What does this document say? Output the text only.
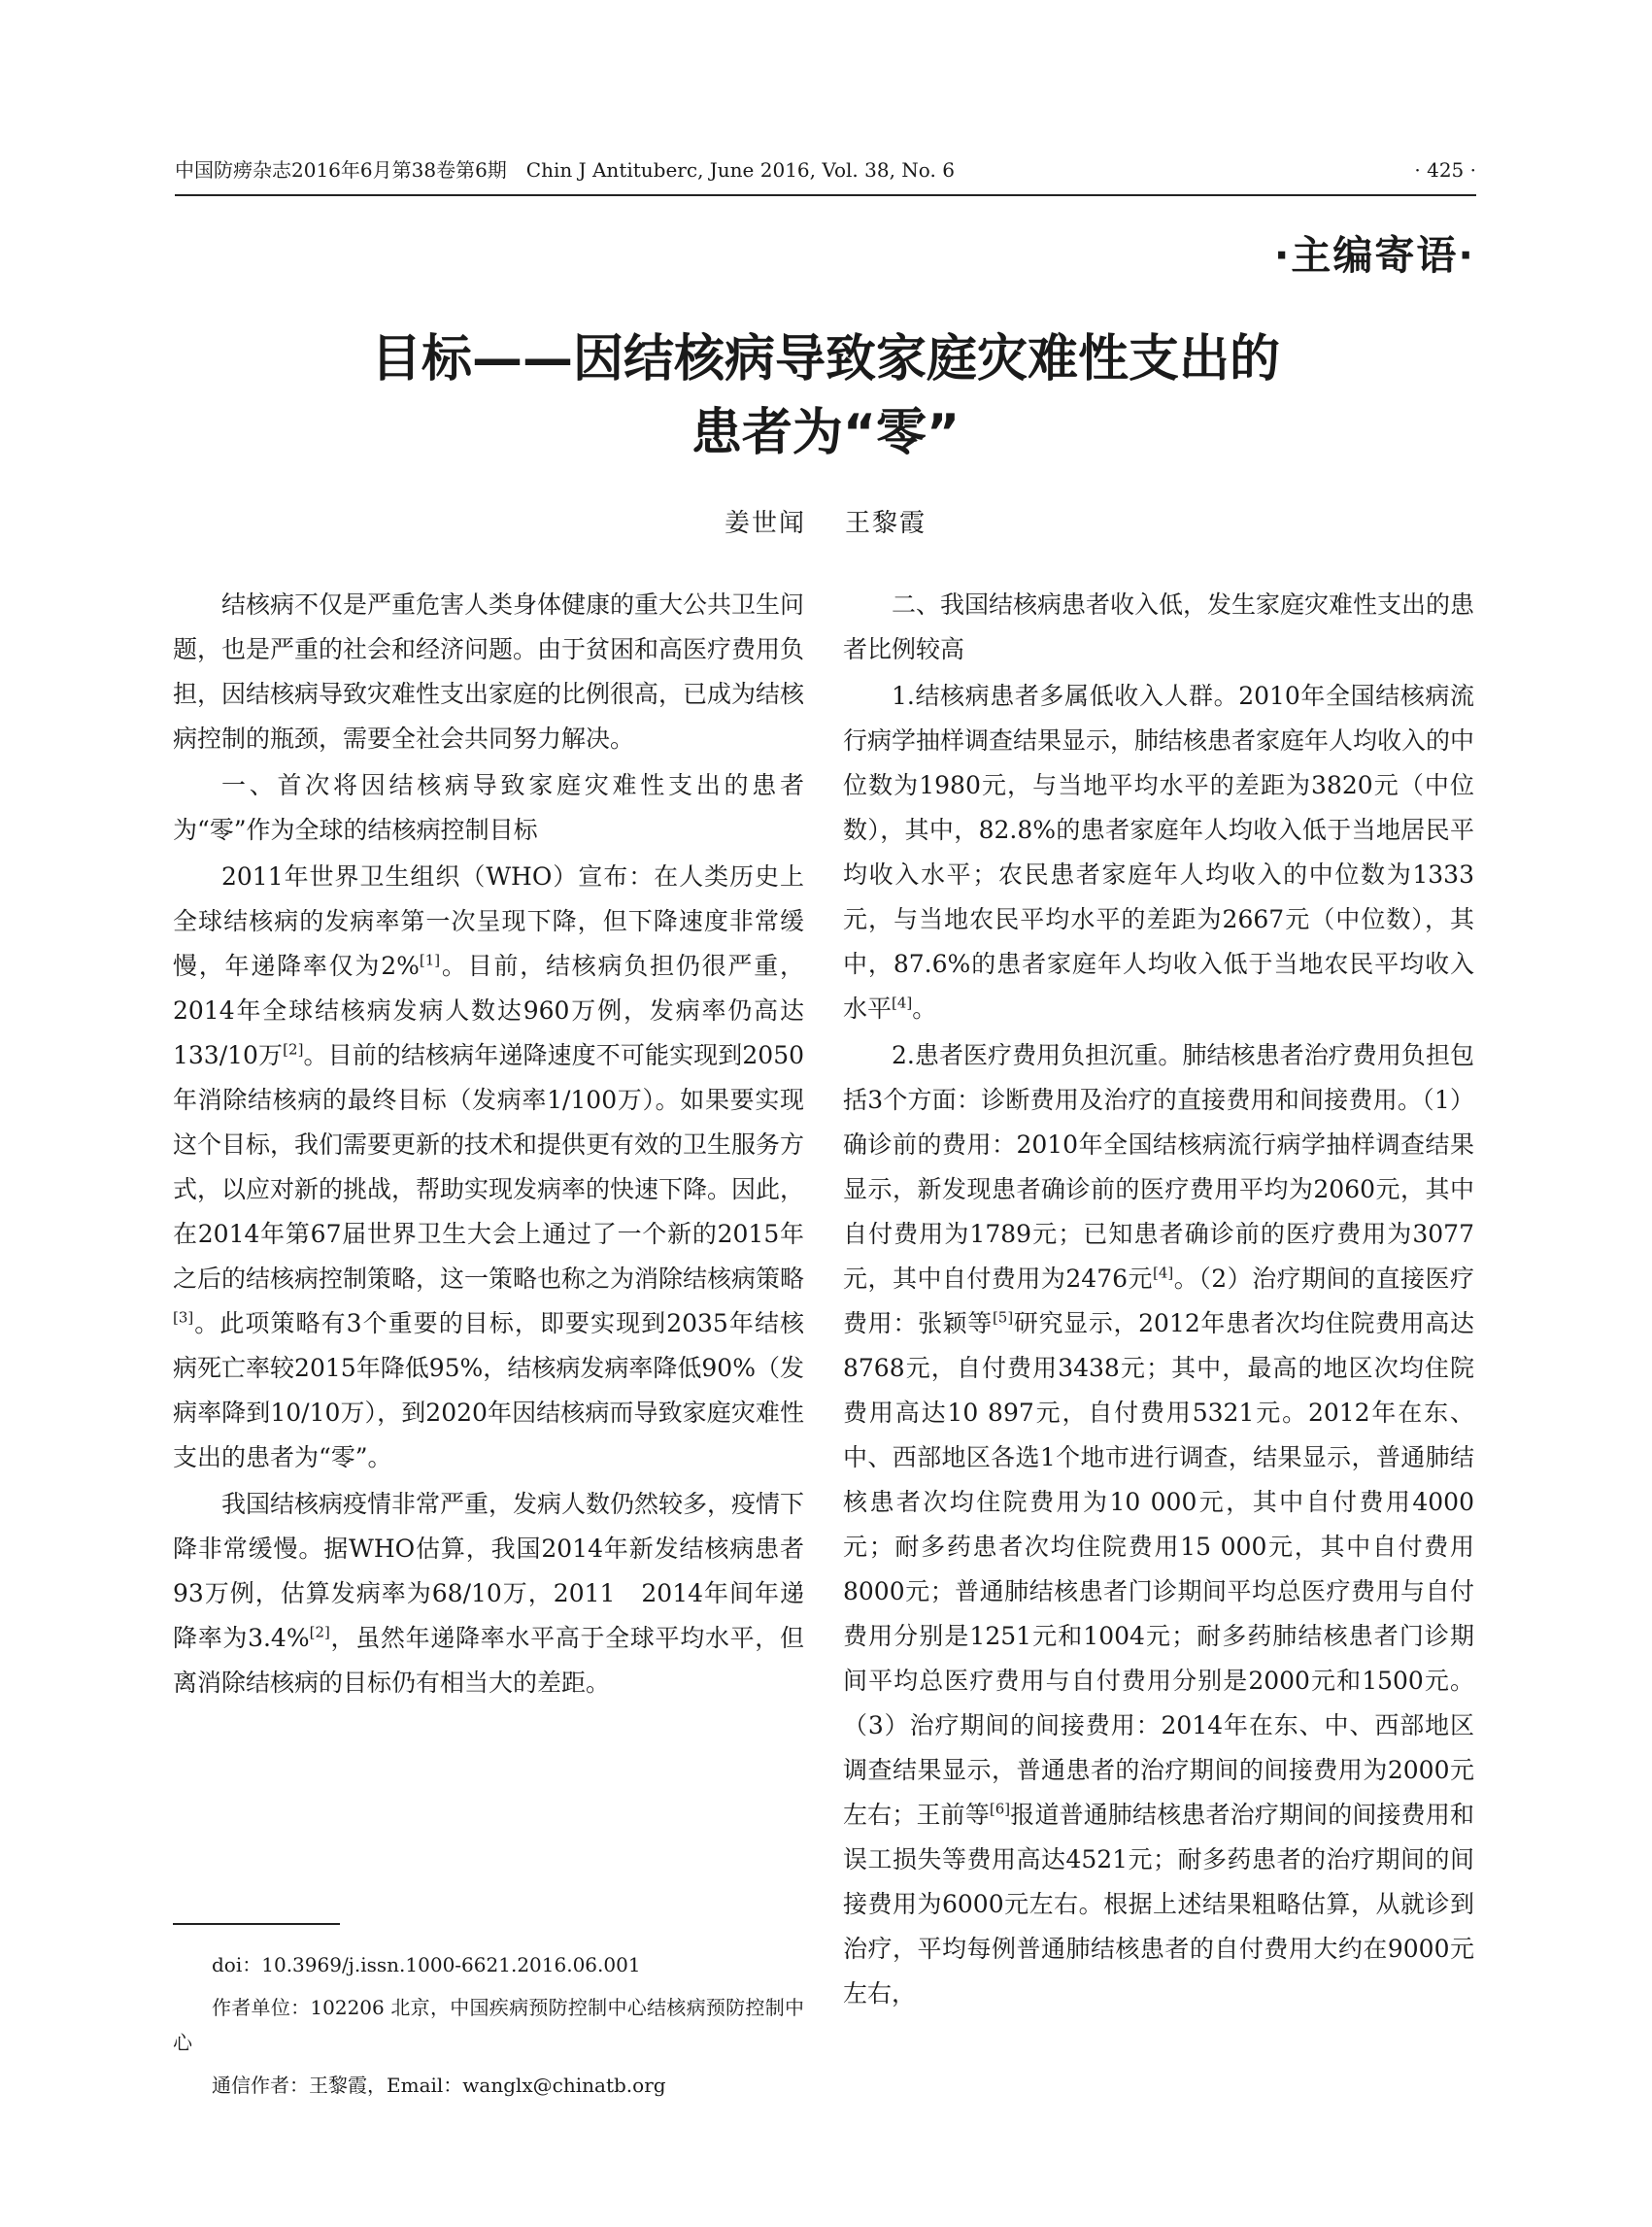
中国防痨杂志2016年6月第38卷第6期　Chin J Antituberc, June 2016, Vol. 38, No. 6	· 425 ·
·主编寄语·
目标——因结核病导致家庭灾难性支出的
患者为“零”
姜世闻 王黎霞

结核病不仅是严重危害人类身体健康的重大公共卫生问题，也是严重的社会和经济问题。由于贫困和高医疗费用负担，因结核病导致灾难性支出家庭的比例很高，已成为结核病控制的瓶颈，需要全社会共同努力解决。

一、首次将因结核病导致家庭灾难性支出的患者为“零”作为全球的结核病控制目标

2011年世界卫生组织（WHO）宣布：在人类历史上全球结核病的发病率第一次呈现下降，但下降速度非常缓慢，年递降率仅为2%[1]。目前，结核病负担仍很严重，2014年全球结核病发病人数达960万例，发病率仍高达133/10万[2]。目前的结核病年递降速度不可能实现到2050年消除结核病的最终目标（发病率1/100万）。如果要实现这个目标，我们需要更新的技术和提供更有效的卫生服务方式，以应对新的挑战，帮助实现发病率的快速下降。因此，在2014年第67届世界卫生大会上通过了一个新的2015年之后的结核病控制策略，这一策略也称之为消除结核病策略[3]。此项策略有3个重要的目标，即要实现到2035年结核病死亡率较2015年降低95%，结核病发病率降低90%（发病率降到10/10万），到2020年因结核病而导致家庭灾难性支出的患者为“零”。

我国结核病疫情非常严重，发病人数仍然较多，疫情下降非常缓慢。据WHO估算，我国2014年新发结核病患者93万例，估算发病率为68/10万，2011　2014年间年递降率为3.4%[2]，虽然年递降率水平高于全球平均水平，但离消除结核病的目标仍有相当大的差距。

二、我国结核病患者收入低，发生家庭灾难性支出的患者比例较高

1.结核病患者多属低收入人群。2010年全国结核病流行病学抽样调查结果显示，肺结核患者家庭年人均收入的中位数为1980元，与当地平均水平的差距为3820元（中位数），其中，82.8%的患者家庭年人均收入低于当地居民平均收入水平；农民患者家庭年人均收入的中位数为1333元，与当地农民平均水平的差距为2667元（中位数），其中，87.6%的患者家庭年人均收入低于当地农民平均收入水平[4]。

2.患者医疗费用负担沉重。肺结核患者治疗费用负担包括3个方面：诊断费用及治疗的直接费用和间接费用。（1）确诊前的费用：2010年全国结核病流行病学抽样调查结果显示，新发现患者确诊前的医疗费用平均为2060元，其中自付费用为1789元；已知患者确诊前的医疗费用为3077元，其中自付费用为2476元[4]。（2）治疗期间的直接医疗费用：张颖等[5]研究显示，2012年患者次均住院费用高达8768元，自付费用3438元；其中，最高的地区次均住院费用高达10 897元，自付费用5321元。2012年在东、中、西部地区各选1个地市进行调查，结果显示，普通肺结核患者次均住院费用为10 000元，其中自付费用4000元；耐多药患者次均住院费用15 000元，其中自付费用8000元；普通肺结核患者门诊期间平均总医疗费用与自付费用分别是1251元和1004元；耐多药肺结核患者门诊期间平均总医疗费用与自付费用分别是2000元和1500元。（3）治疗期间的间接费用：2014年在东、中、西部地区调查结果显示，普通患者的治疗期间的间接费用为2000元左右；王前等[6]报道普通肺结核患者治疗期间的间接费用和误工损失等费用高达4521元；耐多药患者的治疗期间的间接费用为6000元左右。根据上述结果粗略估算，从就诊到治疗，平均每例普通肺结核患者的自付费用大约在9000元左右，

doi：10.3969/j.issn.1000-6621.2016.06.001

作者单位：102206 北京，中国疾病预防控制中心结核病预防控制中心

通信作者：王黎霞，Email：wanglx@chinatb.org
